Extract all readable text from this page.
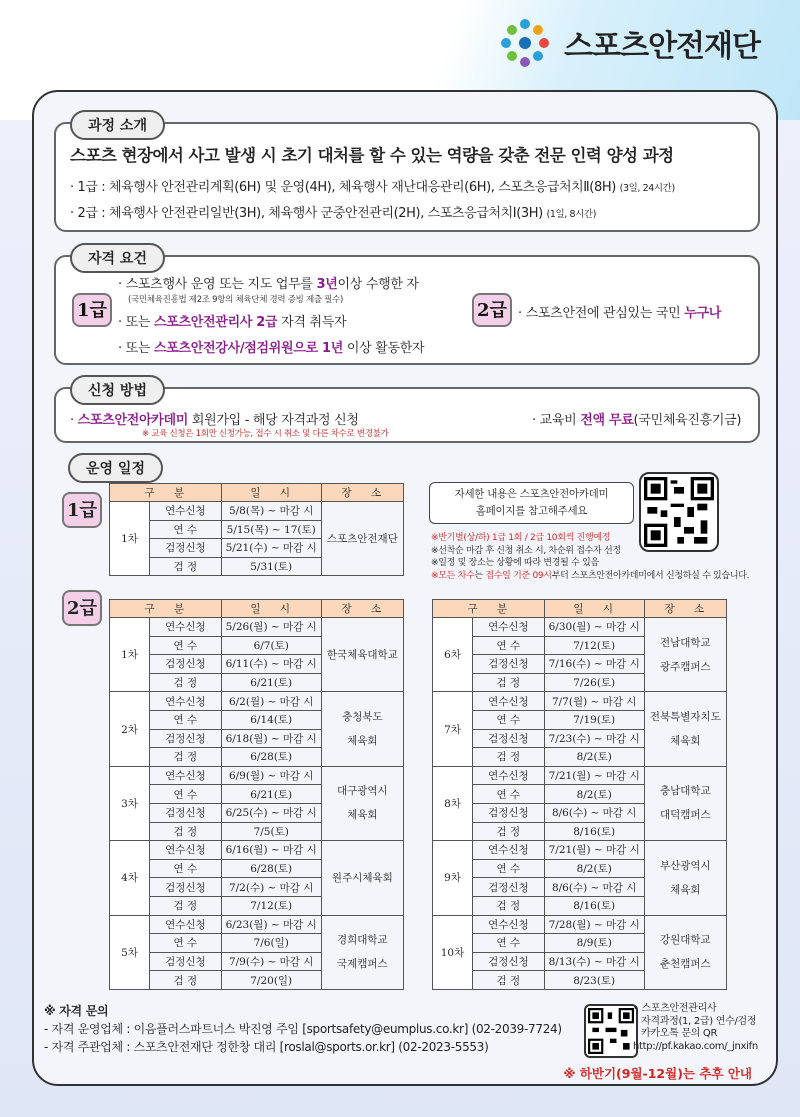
스포츠안전재단
과정 소개
스포츠 현장에서 사고 발생 시 초기 대처를 할 수 있는 역량을 갖춘 전문 인력 양성 과정
· 1급 : 체육행사 안전관리계획(6H) 및 운영(4H), 체육행사 재난대응관리(6H), 스포츠응급처치Ⅱ(8H) (3일, 24시간)
· 2급 : 체육행사 안전관리일반(3H), 체육행사 군중안전관리(2H), 스포츠응급처치Ⅰ(3H) (1일, 8시간)
자격 요건
1급
· 스포츠행사 운영 또는 지도 업무를 3년이상 수행한 자
(국민체육진흥법 제2조 9항의 체육단체 경력 증빙 제출 필수)
· 또는 스포츠안전관리사 2급 자격 취득자
· 또는 스포츠안전강사/점검위원으로 1년 이상 활동한자
2급 · 스포츠안전에 관심있는 국민 누구나
신청 방법
· 스포츠안전아카데미 회원가입 - 해당 자격과정 신청
※ 교육 신청은 1회만 신청가능, 접수 시 취소 및 다른 차수로 변경불가
· 교육비 전액 무료(국민체육진흥기금)
운영 일정
1급
2급
구 분		일 시	장 소
1차	연수신청	5/8(목) ~ 마감 시	스포츠안전재단

	연 수	5/15(목) ~ 17(토)	
	검정신청	5/21(수) ~ 마감 시	
	검 정	5/31(토)	
자세한 내용은 스포츠안전아카데미
홈페이지를 참고해주세요
※반기별(상/하) 1급 1회 / 2급 10회씩 진행예정
※선착순 마감 후 신청 취소 시, 차순위 접수자 선정
※일정 및 장소는 상황에 따라 변경될 수 있음
※모든 차수는 접수일 기준 09시부터 스포츠안전아카데미에서 신청하실 수 있습니다.
구 분		일 시	장 소
1차	연수신청	5/26(월) ~ 마감 시	한국체육대학교

	연 수	6/7(토)	
	검정신청	6/11(수) ~ 마감 시	
	검 정	6/21(토)	
2차	연수신청	6/2(월) ~ 마감 시	충청북도
체육회

	연 수	6/14(토)	
	검정신청	6/18(월) ~ 마감 시	
	검 정	6/28(토)	
3차	연수신청	6/9(월) ~ 마감 시	대구광역시
체육회

	연 수	6/21(토)	
	검정신청	6/25(수) ~ 마감 시	
	검 정	7/5(토)	
4차	연수신청	6/16(월) ~ 마감 시	원주시체육회

	연 수	6/28(토)	
	검정신청	7/2(수) ~ 마감 시	
	검 정	7/12(토)	
5차	연수신청	6/23(월) ~ 마감 시	경희대학교
국제캠퍼스

	연 수	7/6(일)	
	검정신청	7/9(수) ~ 마감 시	
	검 정	7/20(일)	
구 분		일 시	장 소
6차	연수신청	6/30(월) ~ 마감 시	전남대학교
광주캠퍼스

	연 수	7/12(토)	
	검정신청	7/16(수) ~ 마감 시	
	검 정	7/26(토)	
7차	연수신청	7/7(월) ~ 마감 시	전북특별자치도
체육회

	연 수	7/19(토)	
	검정신청	7/23(수) ~ 마감 시	
	검 정	8/2(토)	
8차	연수신청	7/21(월) ~ 마감 시	충남대학교
대덕캠퍼스

	연 수	8/2(토)	
	검정신청	8/6(수) ~ 마감 시	
	검 정	8/16(토)	
9차	연수신청	7/21(월) ~ 마감 시	부산광역시
체육회

	연 수	8/2(토)	
	검정신청	8/6(수) ~ 마감 시	
	검 정	8/16(토)	
10차	연수신청	7/28(월) ~ 마감 시	강원대학교
춘천캠퍼스

	연 수	8/9(토)	
	검정신청	8/13(수) ~ 마감 시	
	검 정	8/23(토)	
※ 자격 문의
- 자격 운영업체 : 이음플러스파트너스 박진영 주임 [sportsafety@eumplus.co.kr] (02-2039-7724)
- 자격 주관업체 : 스포츠안전재단 정한창 대리 [roslal@sports.or.kr] (02-2023-5553)
• 스포츠안전관리사
자격과정(1, 2급) 연수/검정
카카오톡 문의 QR
http://pf.kakao.com/_jnxifn
※ 하반기(9월-12월)는 추후 안내
